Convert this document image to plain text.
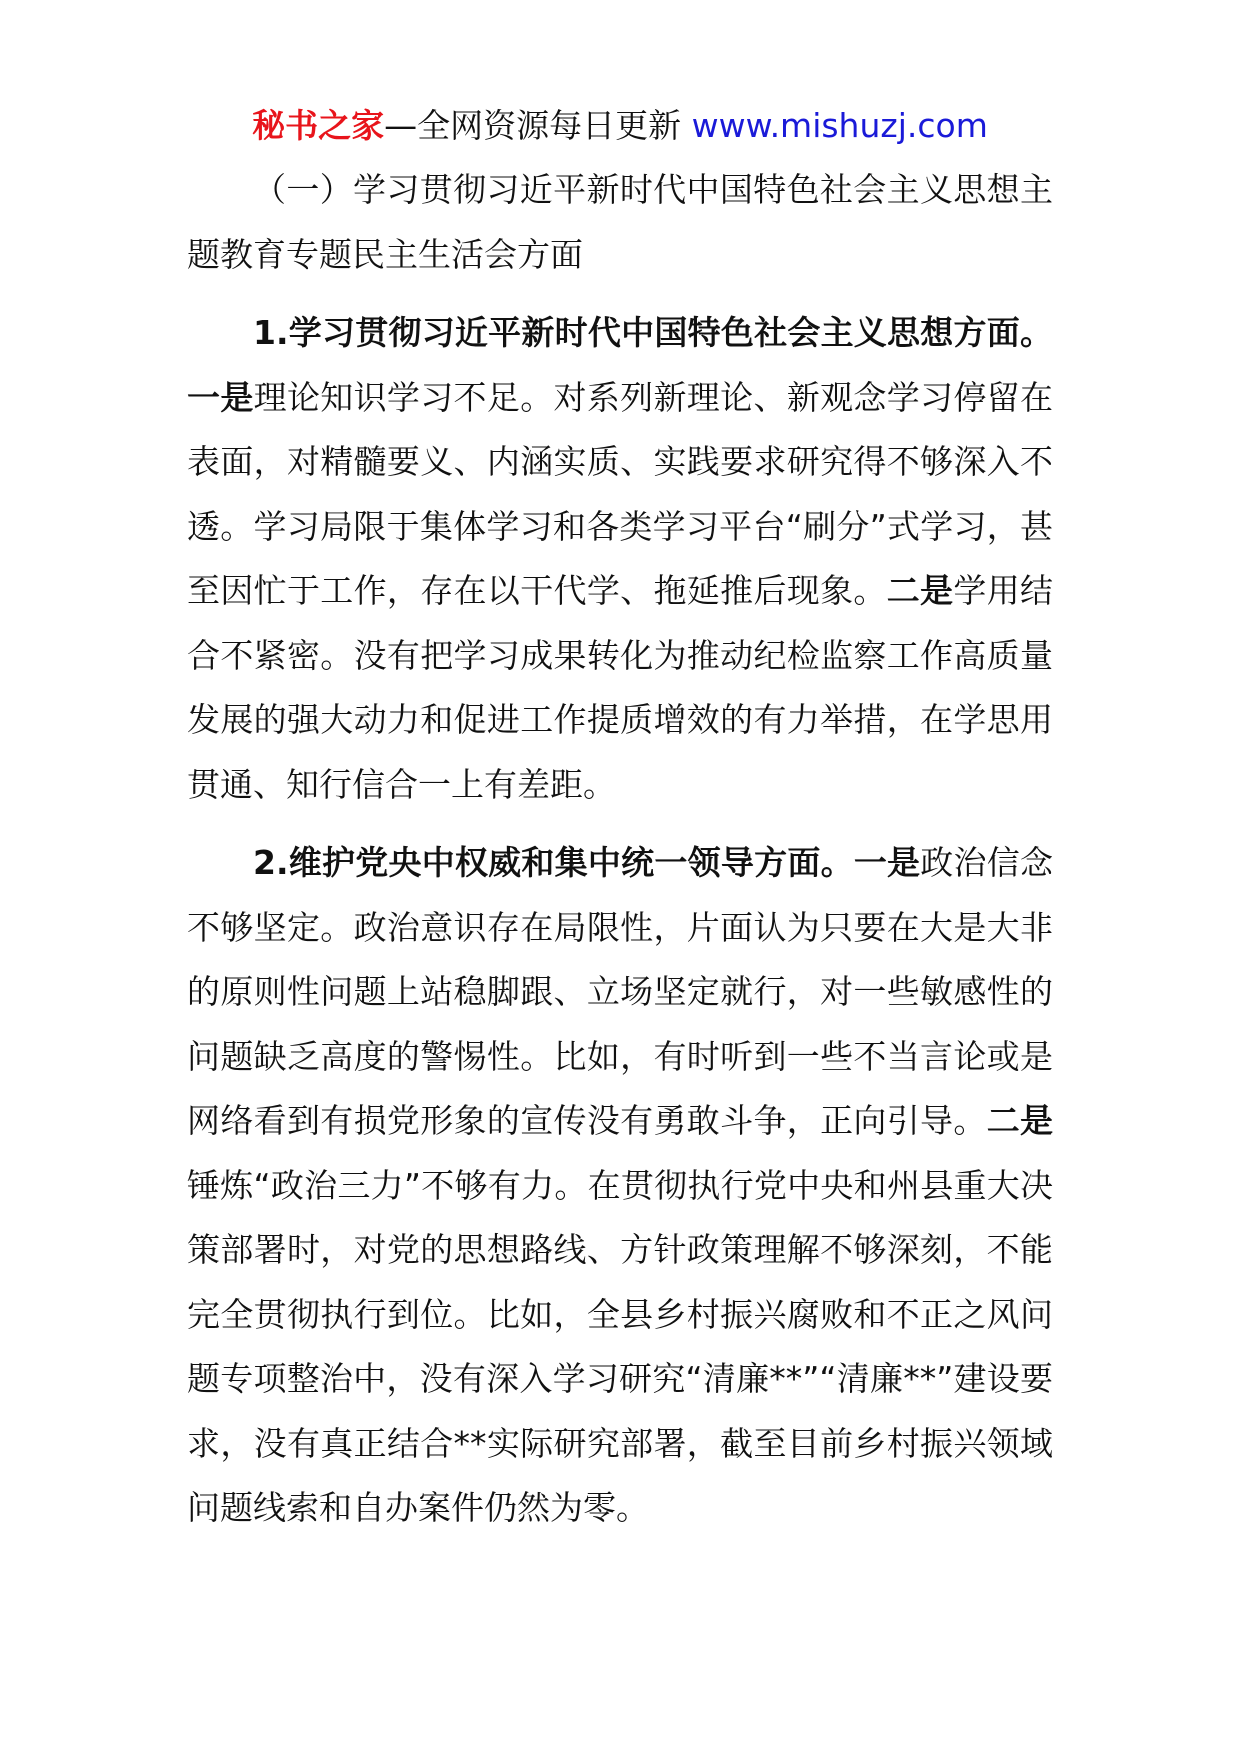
秘书之家—全网资源每日更新 www.mishuzj.com

（一）学习贯彻习近平新时代中国特色社会主义思想主题教育专题民主生活会方面

1.学习贯彻习近平新时代中国特色社会主义思想方面。一是理论知识学习不足。对系列新理论、新观念学习停留在表面，对精髓要义、内涵实质、实践要求研究得不够深入不透。学习局限于集体学习和各类学习平台“刷分”式学习，甚至因忙于工作，存在以干代学、拖延推后现象。二是学用结合不紧密。没有把学习成果转化为推动纪检监察工作高质量发展的强大动力和促进工作提质增效的有力举措，在学思用贯通、知行信合一上有差距。

2.维护党央中权威和集中统一领导方面。一是政治信念不够坚定。政治意识存在局限性，片面认为只要在大是大非的原则性问题上站稳脚跟、立场坚定就行，对一些敏感性的问题缺乏高度的警惕性。比如，有时听到一些不当言论或是网络看到有损党形象的宣传没有勇敢斗争，正向引导。二是锤炼“政治三力”不够有力。在贯彻执行党中央和州县重大决策部署时，对党的思想路线、方针政策理解不够深刻，不能完全贯彻执行到位。比如，全县乡村振兴腐败和不正之风问题专项整治中，没有深入学习研究“清廉**”“清廉**”建设要求，没有真正结合**实际研究部署，截至目前乡村振兴领域问题线索和自办案件仍然为零。
